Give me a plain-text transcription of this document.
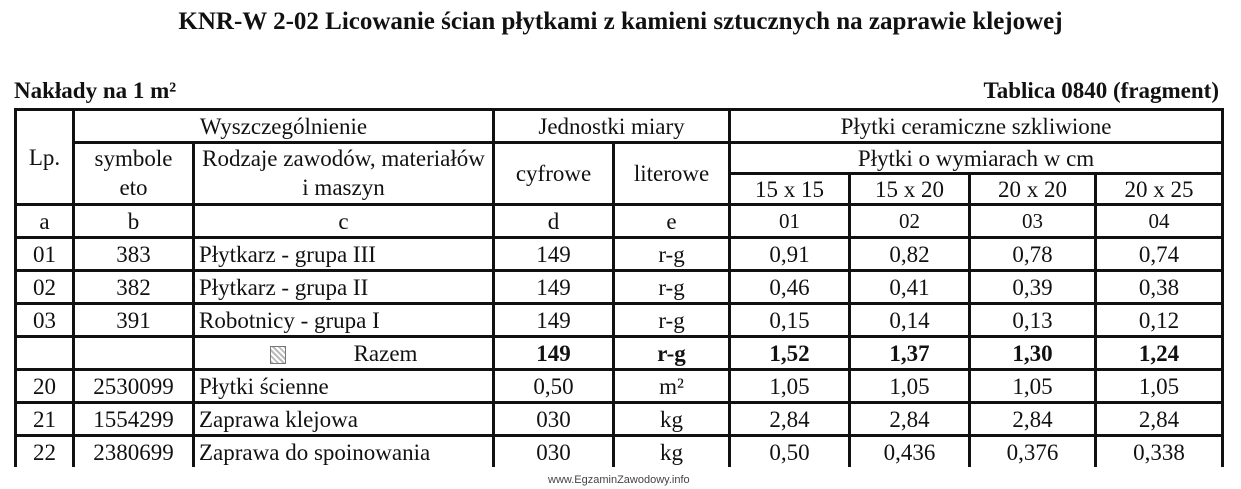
KNR-W 2-02 Licowanie ścian płytkami z kamieni sztucznych na zaprawie klejowej
Nakłady na 1 m²	Tablica 0840 (fragment)
Lp.	Wyszczególnienie		Jednostki miary		Płytki ceramiczne szkliwione			
	symbole eto	Rodzaje zawodów, materiałów i maszyn	cyfrowe	literowe	Płytki o wymiarach w cm			
					15 x 15	15 x 20	20 x 20	20 x 25
a	b	c	d	e	01	02	03	04
01	383	Płytkarz - grupa III	149	r-g	0,91	0,82	0,78	0,74
02	382	Płytkarz - grupa II	149	r-g	0,46	0,41	0,39	0,38
03	391	Robotnicy - grupa I	149	r-g	0,15	0,14	0,13	0,12
		Razem	149	r-g	1,52	1,37	1,30	1,24
20	2530099	Płytki ścienne	0,50	m²	1,05	1,05	1,05	1,05
21	1554299	Zaprawa klejowa	030	kg	2,84	2,84	2,84	2,84
22	2380699	Zaprawa do spoinowania	030	kg	0,50	0,436	0,376	0,338
www.EgzaminZawodowy.info
